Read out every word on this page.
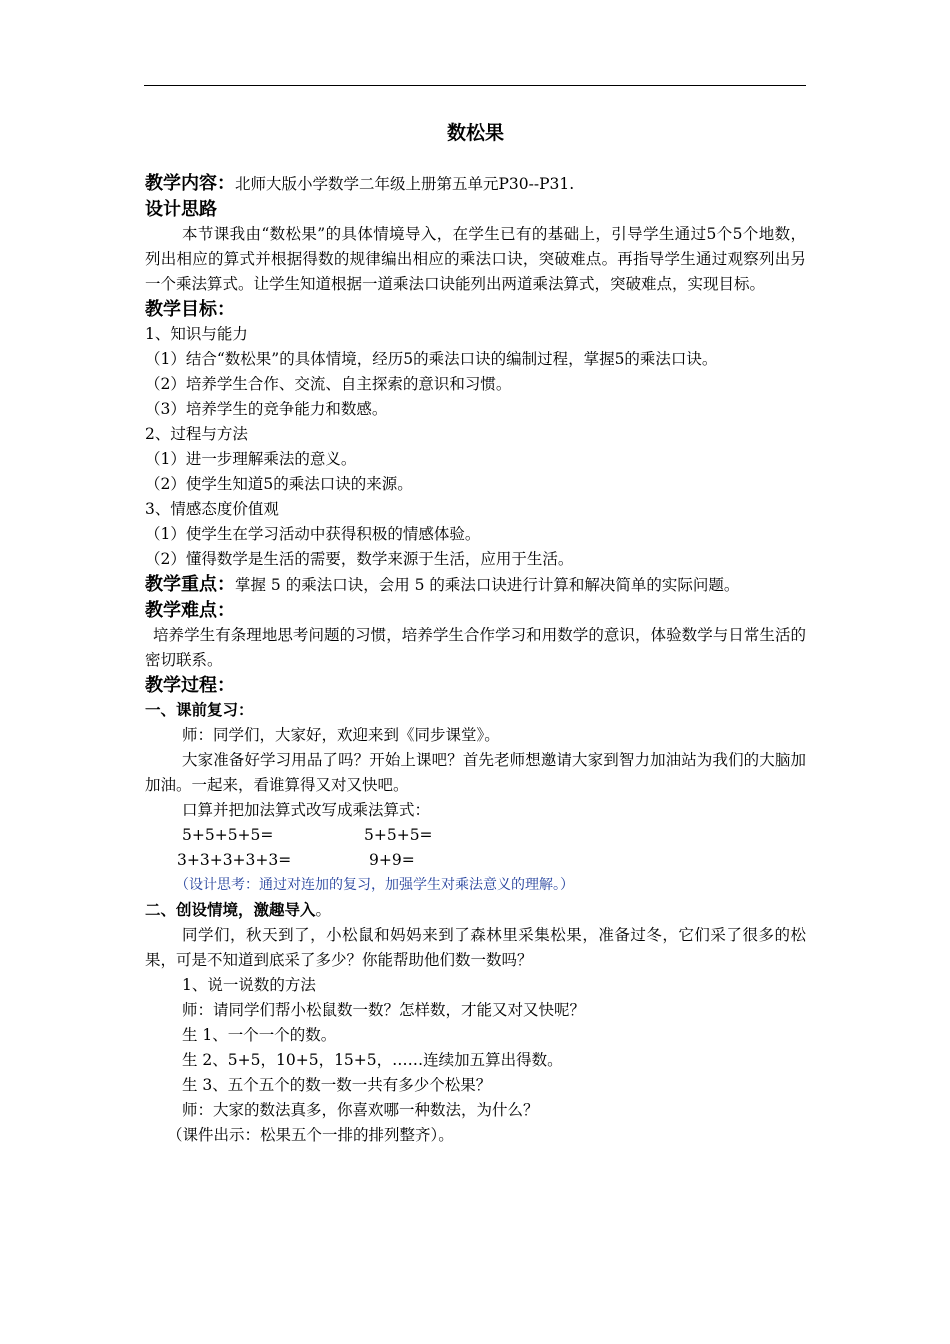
数松果
教学内容：北师大版小学数学二年级上册第五单元P30--P31.
设计思路
本节课我由“数松果”的具体情境导入，在学生已有的基础上，引导学生通过5个5个地数，列出相应的算式并根据得数的规律编出相应的乘法口诀，突破难点。再指导学生通过观察列出另一个乘法算式。让学生知道根据一道乘法口诀能列出两道乘法算式，突破难点，实现目标。
教学目标：
1、知识与能力
（1）结合“数松果”的具体情境，经历5的乘法口诀的编制过程，掌握5的乘法口诀。
（2）培养学生合作、交流、自主探索的意识和习惯。
（3）培养学生的竞争能力和数感。
2、过程与方法
（1）进一步理解乘法的意义。
（2）使学生知道5的乘法口诀的来源。
3、情感态度价值观
（1）使学生在学习活动中获得积极的情感体验。
（2）懂得数学是生活的需要，数学来源于生活，应用于生活。
教学重点：掌握 5 的乘法口诀，会用 5 的乘法口诀进行计算和解决简单的实际问题。
教学难点：
培养学生有条理地思考问题的习惯，培养学生合作学习和用数学的意识，体验数学与日常生活的密切联系。
教学过程：
一、课前复习：
师：同学们，大家好，欢迎来到《同步课堂》。
大家准备好学习用品了吗？开始上课吧？首先老师想邀请大家到智力加油站为我们的大脑加加油。一起来，看谁算得又对又快吧。
口算并把加法算式改写成乘法算式：
5+5+5+5=	5+5+5=
3+3+3+3+3=	9+9=
（设计思考：通过对连加的复习，加强学生对乘法意义的理解。）
二、创设情境，激趣导入。
同学们，秋天到了，小松鼠和妈妈来到了森林里采集松果，准备过冬，它们采了很多的松果，可是不知道到底采了多少？你能帮助他们数一数吗？
1、说一说数的方法
师：请同学们帮小松鼠数一数？怎样数，才能又对又快呢？
生 1、一个一个的数。
生 2、5+5，10+5，15+5，……连续加五算出得数。
生 3、五个五个的数一数一共有多少个松果？
师：大家的数法真多，你喜欢哪一种数法，为什么？
（课件出示：松果五个一排的排列整齐）。
